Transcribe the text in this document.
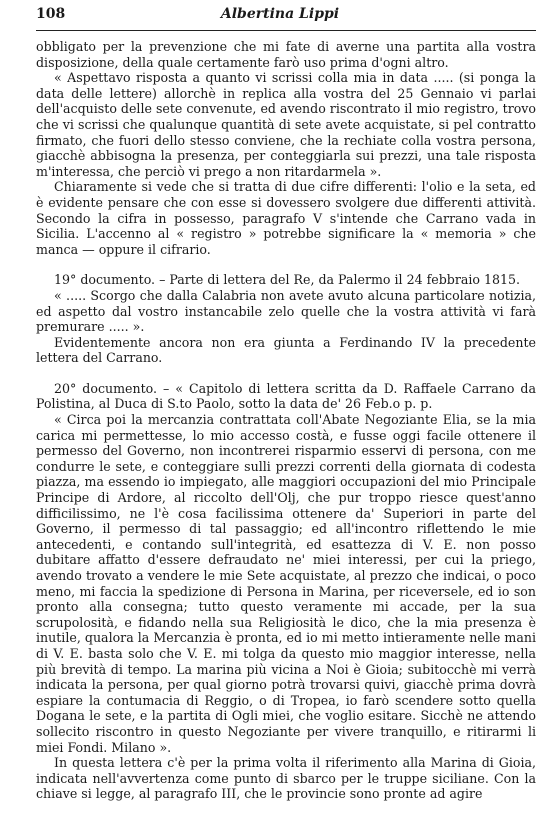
108	Albertina Lippi

obbligato per la prevenzione che mi fate di averne una partita alla vostra disposizione, della quale certamente farò uso prima d'ogni altro.

« Aspettavo risposta a quanto vi scrissi colla mia in data ..... (si ponga la data delle lettere) allorchè in replica alla vostra del 25 Gennaio vi parlai dell'acquisto delle sete convenute, ed avendo riscontrato il mio registro, trovo che vi scrissi che qualunque quantità di sete avete acquistate, si pel contratto firmato, che fuori dello stesso conviene, che la rechiate colla vostra persona, giacchè abbisogna la presenza, per conteggiarla sui prezzi, una tale risposta m'interessa, che perciò vi prego a non ritardarmela ».

Chiaramente si vede che si tratta di due cifre differenti: l'olio e la seta, ed è evidente pensare che con esse si dovessero svolgere due differenti attività. Secondo la cifra in possesso, paragrafo V s'intende che Carrano vada in Sicilia. L'accenno al « registro » potrebbe significare la « memoria » che manca — oppure il cifrario.

19° documento. – Parte di lettera del Re, da Palermo il 24 febbraio 1815.

« ..... Scorgo che dalla Calabria non avete avuto alcuna particolare notizia, ed aspetto dal vostro instancabile zelo quelle che la vostra attività vi farà premurare ..... ».

Evidentemente ancora non era giunta a Ferdinando IV la precedente lettera del Carrano.

20° documento. – « Capitolo di lettera scritta da D. Raffaele Carrano da Polistina, al Duca di S.to Paolo, sotto la data de' 26 Feb.o p. p.

« Circa poi la mercanzia contrattata coll'Abate Negoziante Elia, se la mia carica mi permettesse, lo mio accesso costà, e fusse oggi facile ottenere il permesso del Governo, non incontrerei risparmio esservi di persona, con me condurre le sete, e conteggiare sulli prezzi correnti della giornata di codesta piazza, ma essendo io impiegato, alle maggiori occupazioni del mio Principale Principe di Ardore, al riccolto dell'Olj, che pur troppo riesce quest'anno difficilissimo, ne l'è cosa facilissima ottenere da' Superiori in parte del Governo, il permesso di tal passaggio; ed all'incontro riflettendo le mie antecedenti, e contando sull'integrità, ed esattezza di V. E. non posso dubitare affatto d'essere defraudato ne' miei interessi, per cui la priego, avendo trovato a vendere le mie Sete acquistate, al prezzo che indicai, o poco meno, mi faccia la spedizione di Persona in Marina, per riceversele, ed io son pronto alla consegna; tutto questo veramente mi accade, per la sua scrupolosità, e fidando nella sua Religiosità le dico, che la mia presenza è inutile, qualora la Mercanzia è pronta, ed io mi metto intieramente nelle mani di V. E. basta solo che V. E. mi tolga da questo mio maggior interesse, nella più brevità di tempo. La marina più vicina a Noi è Gioia; subitocchè mi verrà indicata la persona, per qual giorno potrà trovarsi quivi, giacchè prima dovrà espiare la contumacia di Reggio, o di Tropea, io farò scendere sotto quella Dogana le sete, e la partita di Ogli miei, che voglio esitare. Sicchè ne attendo sollecito riscontro in questo Negoziante per vivere tranquillo, e ritirarmi li miei Fondi. Milano ».

In questa lettera c'è per la prima volta il riferimento alla Marina di Gioia, indicata nell'avvertenza come punto di sbarco per le truppe siciliane. Con la chiave si legge, al paragrafo III, che le provincie sono pronte ad agire
